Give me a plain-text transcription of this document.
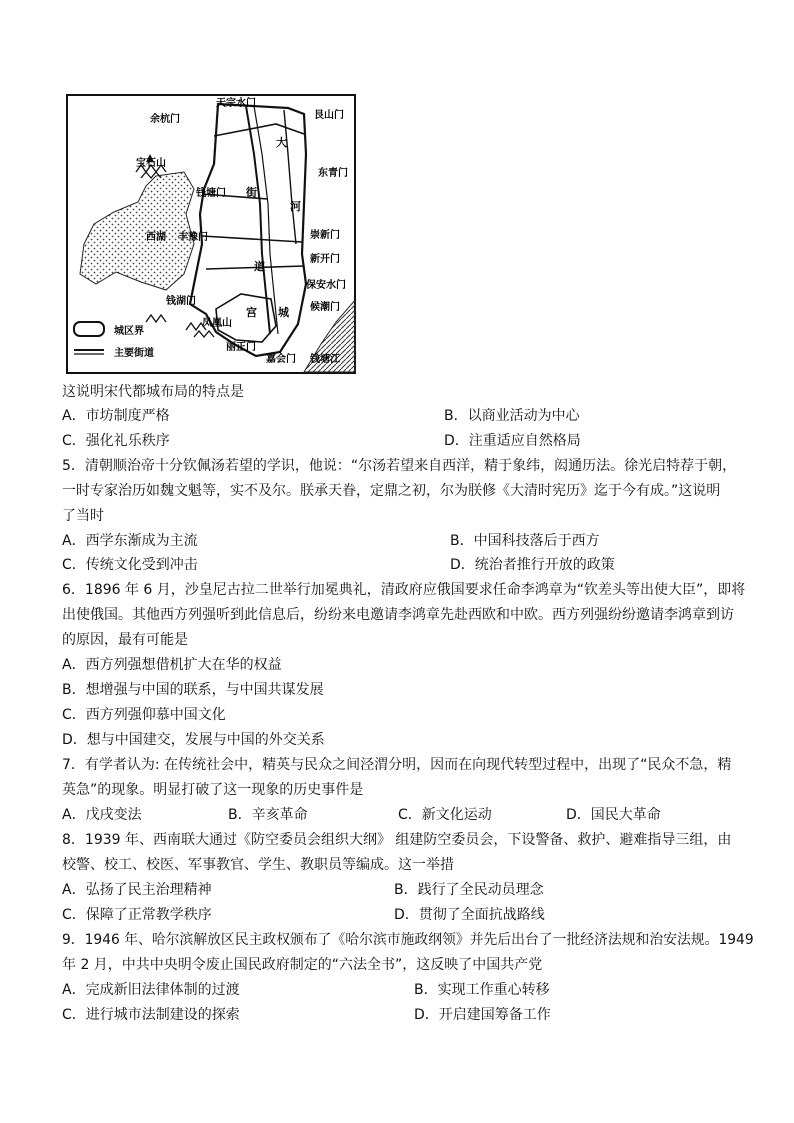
天宗水门
艮山门
余杭门
宝石山
东青门
大
钱塘门 街
河
西湖 丰豫门	崇新门
新开门
道
保安水门
钱湖门
候潮门
宫 城
凤凰山
城区界
主要街道
丽正门
嘉会门 钱塘江
这说明宋代都城布局的特点是
A．市坊制度严格	B．以商业活动为中心
C．强化礼乐秩序	D．注重适应自然格局
5．清朝顺治帝十分钦佩汤若望的学识，他说：“尔汤若望来自西洋，精于象纬，闳通历法。徐光启特荐于朝，
一时专家治历如魏文魁等，实不及尔。朕承天眷，定鼎之初，尔为朕修《大清时宪历》迄于今有成。”这说明
了当时
A．西学东渐成为主流	B．中国科技落后于西方
C．传统文化受到冲击	D．统治者推行开放的政策
6．1896 年 6 月，沙皇尼古拉二世举行加冕典礼，清政府应俄国要求任命李鸿章为“钦差头等出使大臣”，即将
出使俄国。其他西方列强听到此信息后，纷纷来电邀请李鸿章先赴西欧和中欧。西方列强纷纷邀请李鸿章到访
的原因，最有可能是
A．西方列强想借机扩大在华的权益
B．想增强与中国的联系，与中国共谋发展
C．西方列强仰慕中国文化
D．想与中国建交，发展与中国的外交关系
7．有学者认为: 在传统社会中，精英与民众之间泾渭分明，因而在向现代转型过程中，出现了“民众不急，精
英急”的现象。明显打破了这一现象的历史事件是
A．戊戌变法	B．辛亥革命	C．新文化运动	D．国民大革命
8．1939 年、西南联大通过《防空委员会组织大纲》 组建防空委员会，下设警备、救护、避难指导三组，由
校警、校工、校医、军事教官、学生、教职员等编成。这一举措
A．弘扬了民主治理精神	B．践行了全民动员理念
C．保障了正常教学秩序	D．贯彻了全面抗战路线
9．1946 年、哈尔滨解放区民主政权颁布了《哈尔滨市施政纲领》并先后出台了一批经济法规和治安法规。1949
年 2 月，中共中央明令废止国民政府制定的“六法全书”，这反映了中国共产党
A．完成新旧法律体制的过渡	B．实现工作重心转移
C．进行城市法制建设的探索	D．开启建国筹备工作
